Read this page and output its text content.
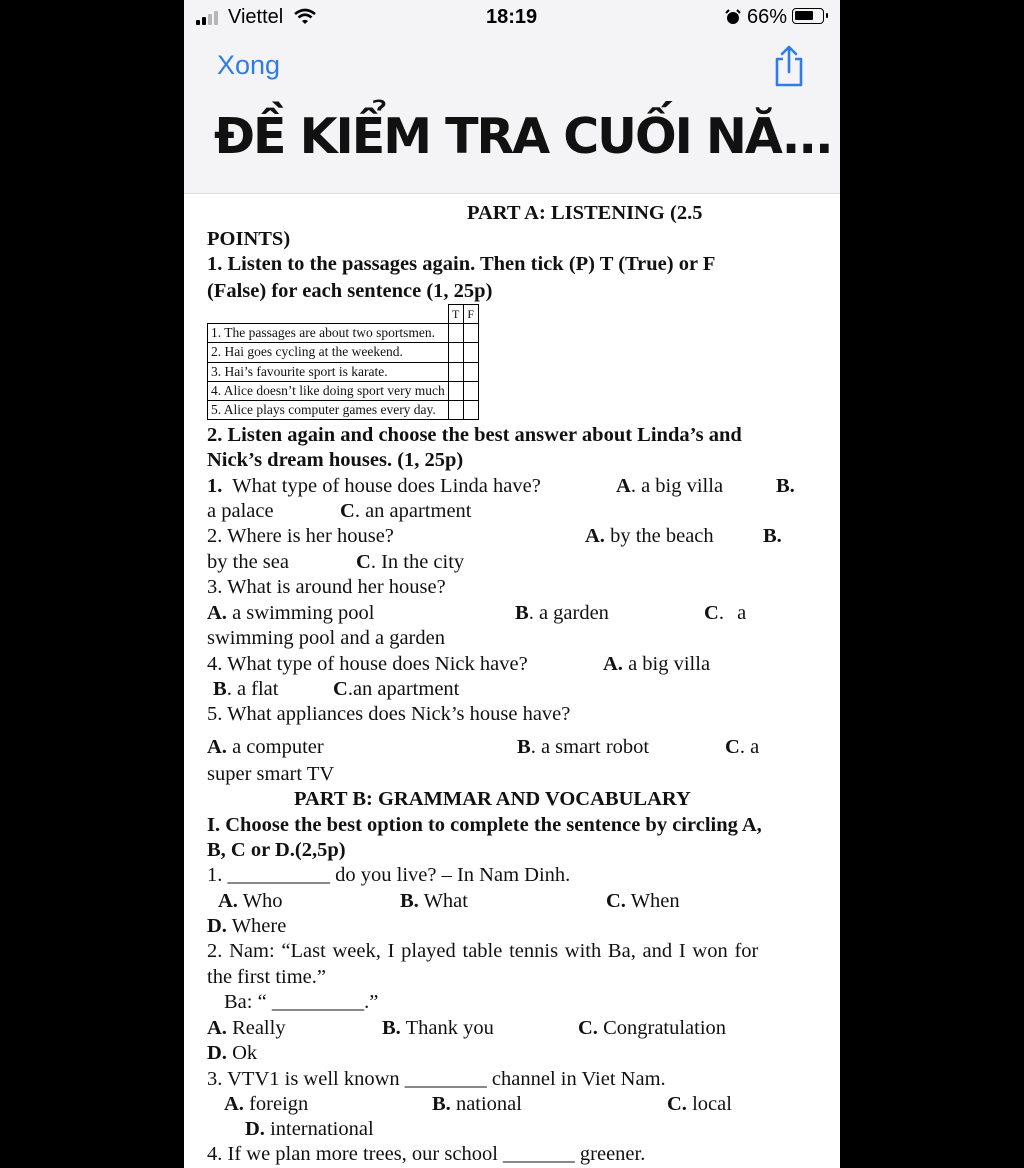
Viettel	18:19	66%
Xong
ĐỀ KIỂM TRA CUỐI NĂ...
PART A: LISTENING (2.5
POINTS)
1. Listen to the passages again. Then tick (P) T (True) or F
(False) for each sentence (1, 25p)
	T	F
1. The passages are about two sportsmen.		
2. Hai goes cycling at the weekend.		
3. Hai’s favourite sport is karate.		
4. Alice doesn’t like doing sport very much		
5. Alice plays computer games every day.		
2. Listen again and choose the best answer about Linda’s and
Nick’s dream houses. (1, 25p)
1. What type of house does Linda have?	A. a big villa	B.
a palace	C. an apartment
2. Where is her house?	A. by the beach B.
by the sea	C. In the city
3. What is around her house?
A. a swimming pool	B. a garden	C. a
swimming pool and a garden
4. What type of house does Nick have?	A. a big villa
B. a flat	C.an apartment
5. What appliances does Nick’s house have?
A. a computer	B. a smart robot	C. a
super smart TV
PART B: GRAMMAR AND VOCABULARY
I. Choose the best option to complete the sentence by circling A,
B, C or D.(2,5p)
1. __________ do you live? – In Nam Dinh.
A. Who	B. What	C. When
D. Where
2. Nam: “Last week, I played table tennis with Ba, and I won for
the first time.”
Ba: “ _________.”
A. Really	B. Thank you	C. Congratulation
D. Ok
3. VTV1 is well known ________ channel in Viet Nam.
A. foreign	B. national	C. local
D. international
4. If we plan more trees, our school _______ greener.
